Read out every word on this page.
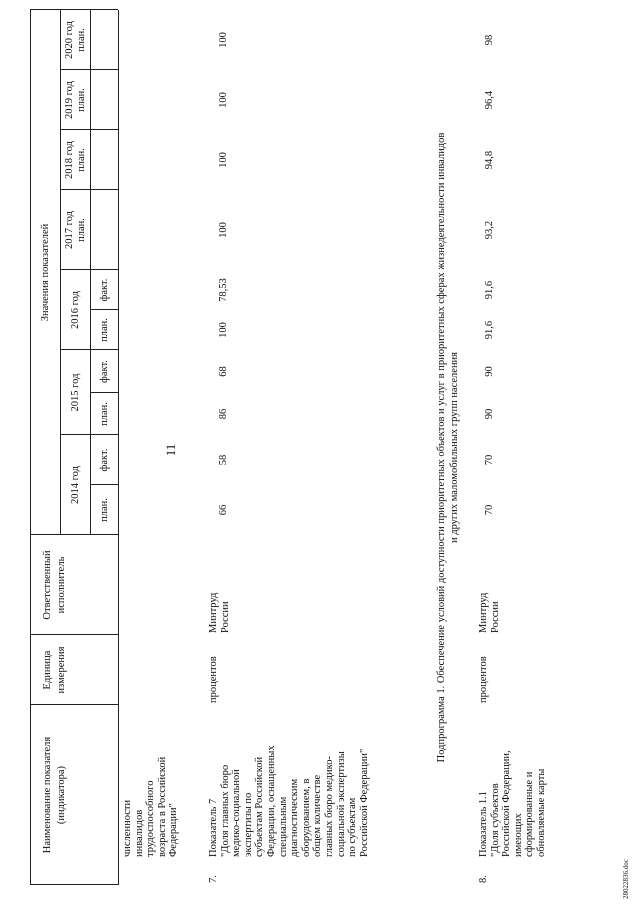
11
Наименование показателя (индикатора)
Единица измерения
Ответственный исполнитель
Значения показателей
2014 год
2015 год
2016 год
2017 год план.
2018 год план.
2019 год план.
2020 год план.
план.
факт.
план.
факт.
план.
факт.
численности инвалидов трудоспособного возраста в Российской Федерации"
7.
Показатель 7 "Доля главных бюро медико-социальной экспертизы по субъектам Российской Федерации, оснащенных специальным диагностическим оборудованием, в общем количестве главных бюро медико- социальной экспертизы по субъектам Российской Федерации"
процентов
Минтруд России
66
58
86
68
100
78,53
100
100
100
100
Подпрограмма 1. Обеспечение условий доступности приоритетных объектов и услуг в приоритетных сферах жизнедеятельности инвалидов и других маломобильных групп населения
8.
Показатель 1.1 "Доля субъектов Российской Федерации, имеющих сформированные и обновляемые карты
процентов
Минтруд России
70
70
90
90
91,6
91,6
93,2
94,8
96,4
98
28022836.doc
